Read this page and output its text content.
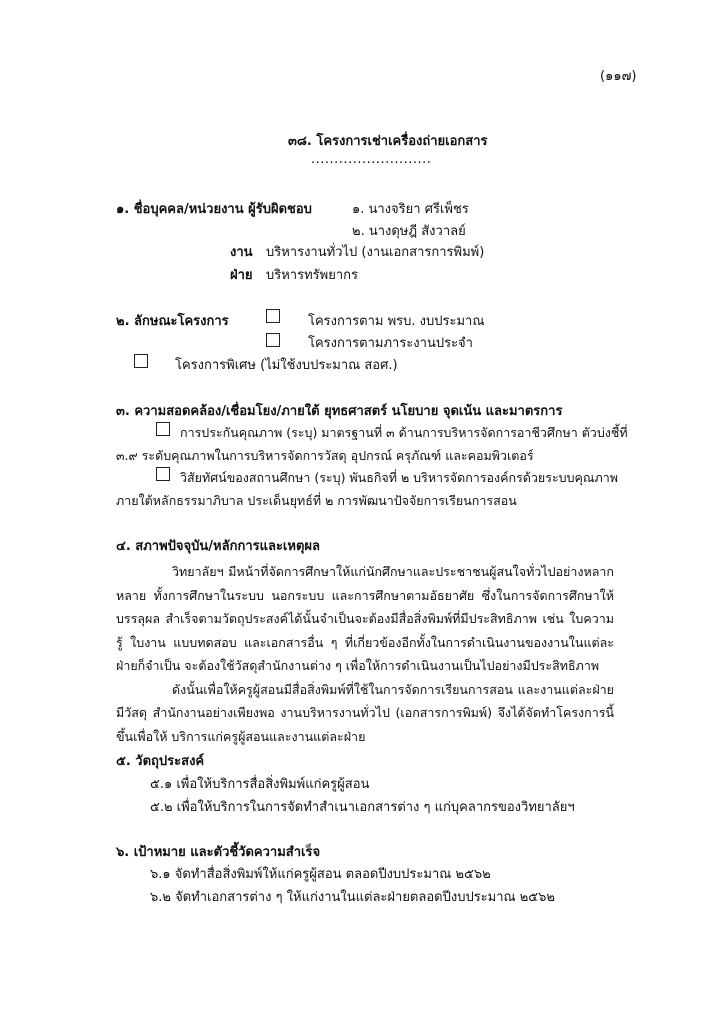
(๑๑๗)
๓๘. โครงการเช่าเครื่องถ่ายเอกสาร
..........................
๑. ชื่อบุคคล/หน่วยงาน ผู้รับผิดชอบ	๑. นางจริยา ศรีเพ็ชร
๒. นางดุษฎี สังวาลย์
งาน บริหารงานทั่วไป (งานเอกสารการพิมพ์)
ฝ่าย บริหารทรัพยากร
๒. ลักษณะโครงการ	โครงการตาม พรบ. งบประมาณ
โครงการตามภาระงานประจำ
โครงการพิเศษ (ไม่ใช้งบประมาณ สอศ.)
๓. ความสอดคล้อง/เชื่อมโยง/ภายใต้ ยุทธศาสตร์ นโยบาย จุดเน้น และมาตรการ
การประกันคุณภาพ (ระบุ) มาตรฐานที่ ๓ ด้านการบริหารจัดการอาชีวศึกษา ตัวบ่งชี้ที่
๓.๙ ระดับคุณภาพในการบริหารจัดการวัสดุ อุปกรณ์ ครุภัณฑ์ และคอมพิวเตอร์
วิสัยทัศน์ของสถานศึกษา (ระบุ) พันธกิจที่ ๒ บริหารจัดการองค์กรด้วยระบบคุณภาพ
ภายใต้หลักธรรมาภิบาล ประเด็นยุทธ์ที่ ๒ การพัฒนาปัจจัยการเรียนการสอน
๔. สภาพปัจจุบัน/หลักการและเหตุผล

วิทยาลัยฯ มีหน้าที่จัดการศึกษาให้แก่นักศึกษาและประชาชนผู้สนใจทั่วไปอย่างหลากหลาย ทั้งการศึกษาในระบบ นอกระบบ และการศึกษาตามอัธยาศัย ซึ่งในการจัดการศึกษาให้บรรลุผล สำเร็จตามวัตถุประสงค์ได้นั้นจำเป็นจะต้องมีสื่อสิ่งพิมพ์ที่มีประสิทธิภาพ เช่น ใบความรู้ ใบงาน แบบทดสอบ และเอกสารอื่น ๆ ที่เกี่ยวข้องอีกทั้งในการดำเนินงานของงานในแต่ละฝ่ายก็จำเป็น จะต้องใช้วัสดุสำนักงานต่าง ๆ เพื่อให้การดำเนินงานเป็นไปอย่างมีประสิทธิภาพ

ดังนั้นเพื่อให้ครูผู้สอนมีสื่อสิ่งพิมพ์ที่ใช้ในการจัดการเรียนการสอน และงานแต่ละฝ่ายมีวัสดุ สำนักงานอย่างเพียงพอ งานบริหารงานทั่วไป (เอกสารการพิมพ์) จึงได้จัดทำโครงการนี้ขึ้นเพื่อให้ บริการแก่ครูผู้สอนและงานแต่ละฝ่าย

๕. วัตถุประสงค์
๕.๑ เพื่อให้บริการสื่อสิ่งพิมพ์แก่ครูผู้สอน
๕.๒ เพื่อให้บริการในการจัดทำสำเนาเอกสารต่าง ๆ แก่บุคลากรของวิทยาลัยฯ
๖. เป้าหมาย และตัวชี้วัดความสำเร็จ
๖.๑ จัดทำสื่อสิ่งพิมพ์ให้แก่ครูผู้สอน ตลอดปีงบประมาณ ๒๕๖๒
๖.๒ จัดทำเอกสารต่าง ๆ ให้แก่งานในแต่ละฝ่ายตลอดปีงบประมาณ ๒๕๖๒
